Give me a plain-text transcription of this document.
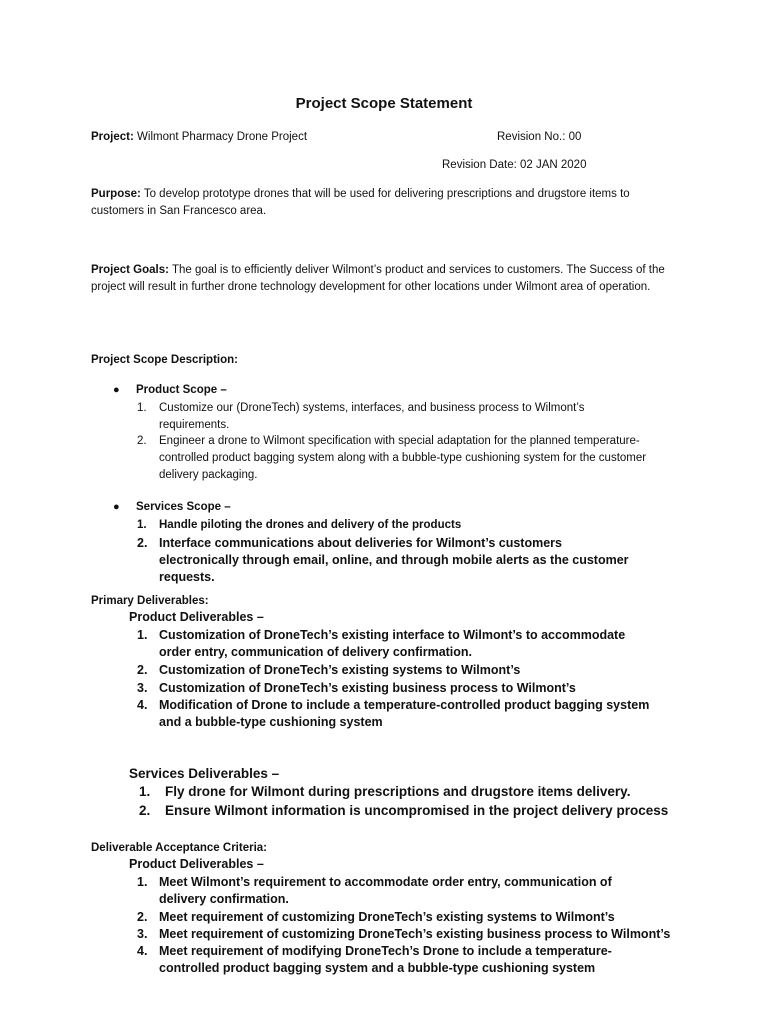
Project Scope Statement
Project: Wilmont Pharmacy Drone Project	Revision No.: 00
Revision Date: 02 JAN 2020
Purpose: To develop prototype drones that will be used for delivering prescriptions and drugstore items to customers in San Francesco area.
Project Goals: The goal is to efficiently deliver Wilmont’s product and services to customers. The Success of the project will result in further drone technology development for other locations under Wilmont area of operation.
Project Scope Description:
● Product Scope –
1. Customize our (DroneTech) systems, interfaces, and business process to Wilmont’s requirements.
2. Engineer a drone to Wilmont specification with special adaptation for the planned temperature-controlled product bagging system along with a bubble-type cushioning system for the customer delivery packaging.
● Services Scope –
1. Handle piloting the drones and delivery of the products
2. Interface communications about deliveries for Wilmont’s customers electronically through email, online, and through mobile alerts as the customer requests.
Primary Deliverables:
Product Deliverables –
1. Customization of DroneTech’s existing interface to Wilmont’s to accommodate order entry, communication of delivery confirmation.
2. Customization of DroneTech’s existing systems to Wilmont’s
3. Customization of DroneTech’s existing business process to Wilmont’s
4. Modification of Drone to include a temperature-controlled product bagging system and a bubble-type cushioning system
Services Deliverables –
1. Fly drone for Wilmont during prescriptions and drugstore items delivery.
2. Ensure Wilmont information is uncompromised in the project delivery process
Deliverable Acceptance Criteria:
Product Deliverables –
1. Meet Wilmont’s requirement to accommodate order entry, communication of delivery confirmation.
2. Meet requirement of customizing DroneTech’s existing systems to Wilmont’s
3. Meet requirement of customizing DroneTech’s existing business process to Wilmont’s
4. Meet requirement of modifying DroneTech’s Drone to include a temperature-controlled product bagging system and a bubble-type cushioning system
